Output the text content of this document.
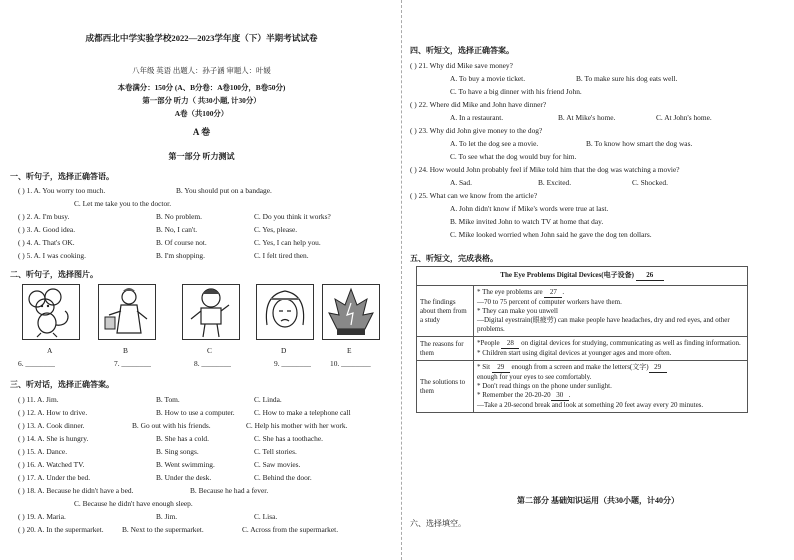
成都西北中学实验学校2022—2023学年度（下）半期考试试卷
八年级 英语 出题人：孙子涵 审题人：叶媛
本卷满分：150分 (A、B分卷：A卷100分，B卷50分)
第一部分 听力（ 共30小题, 计30分）
A卷（共100分）
A 卷
第一部分 听力测试
一、听句子，选择正确答语。
( ) 1. A. You worry too much.	B. You should put on a bandage.
C. Let me take you to the doctor.
( ) 2. A. I'm busy.	B. No problem.	C. Do you think it works?
( ) 3. A. Good idea.	B. No, I can't.	C. Yes, please.
( ) 4. A. That's OK.	B. Of course not.	C. Yes, I can help you.
( ) 5. A. I was cooking.	B. I'm shopping.	C. I felt tired then.
二、听句子，选择图片。
A	B	C	D	E
6. ________	7. ________	8. ________	9. ________	10. ________
三、听对话，选择正确答案。
( ) 11. A. Jim.	B. Tom.	C. Linda.
( ) 12. A. How to drive.	B. How to use a computer.	C. How to make a telephone call
( ) 13. A. Cook dinner.	B. Go out with his friends.	C. Help his mother with her work.
( ) 14. A. She is hungry.	B. She has a cold.	C. She has a toothache.
( ) 15. A. Dance.	B. Sing songs.	C. Tell stories.
( ) 16. A. Watched TV.	B. Went swimming.	C. Saw movies.
( ) 17. A. Under the bed.	B. Under the desk.	C. Behind the door.
( ) 18. A. Because he didn't have a bed.	B. Because he had a fever.
C. Because he didn't have enough sleep.
( ) 19. A. Maria.	B. Jim.	C. Lisa.
( ) 20. A. In the supermarket. B. Next to the supermarket.	C. Across from the supermarket.
四、听短文，选择正确答案。
( ) 21. Why did Mike save money?
A. To buy a movie ticket.	B. To make sure his dog eats well.
C. To have a big dinner with his friend John.
( ) 22. Where did Mike and John have dinner?
A. In a restaurant.	B. At Mike's home.	C. At John's home.
( ) 23. Why did John give money to the dog?
A. To let the dog see a movie.	B. To know how smart the dog was.
C. To see what the dog would buy for him.
( ) 24. How would John probably feel if Mike told him that the dog was watching a movie?
A. Sad.	B. Excited.	C. Shocked.
( ) 25. What can we know from the article?
A. John didn't know if Mike's words were true at last.
B. Mike invited John to watch TV at home that day.
C. Mike looked worried when John said he gave the dog ten dollars.
五、听短文，完成表格。
The Eye Problems Digital Devices(电子设备) 26	
The findings about them from a study	* The eye problems are 27 .
—70 to 75 percent of computer workers have them.
* They can make you unwell
—Digital eyestrain(眼疲劳) can make people have headaches, dry and red eyes, and other problems.

The reasons for them	*People 28 on digital devices for studying, communicating as well as finding information.
* Children start using digital devices at younger ages and more often.

The solutions to them	* Sit 29 enough from a screen and make the letters(文字) 29
enough for your eyes to see comfortably.
* Don't read things on the phone under sunlight.
* Remember the 20-20-20 30 .
—Take a 20-second break and look at something 20 feet away every 20 minutes.
第二部分 基础知识运用（共30小题，计40分）
六、选择填空。
